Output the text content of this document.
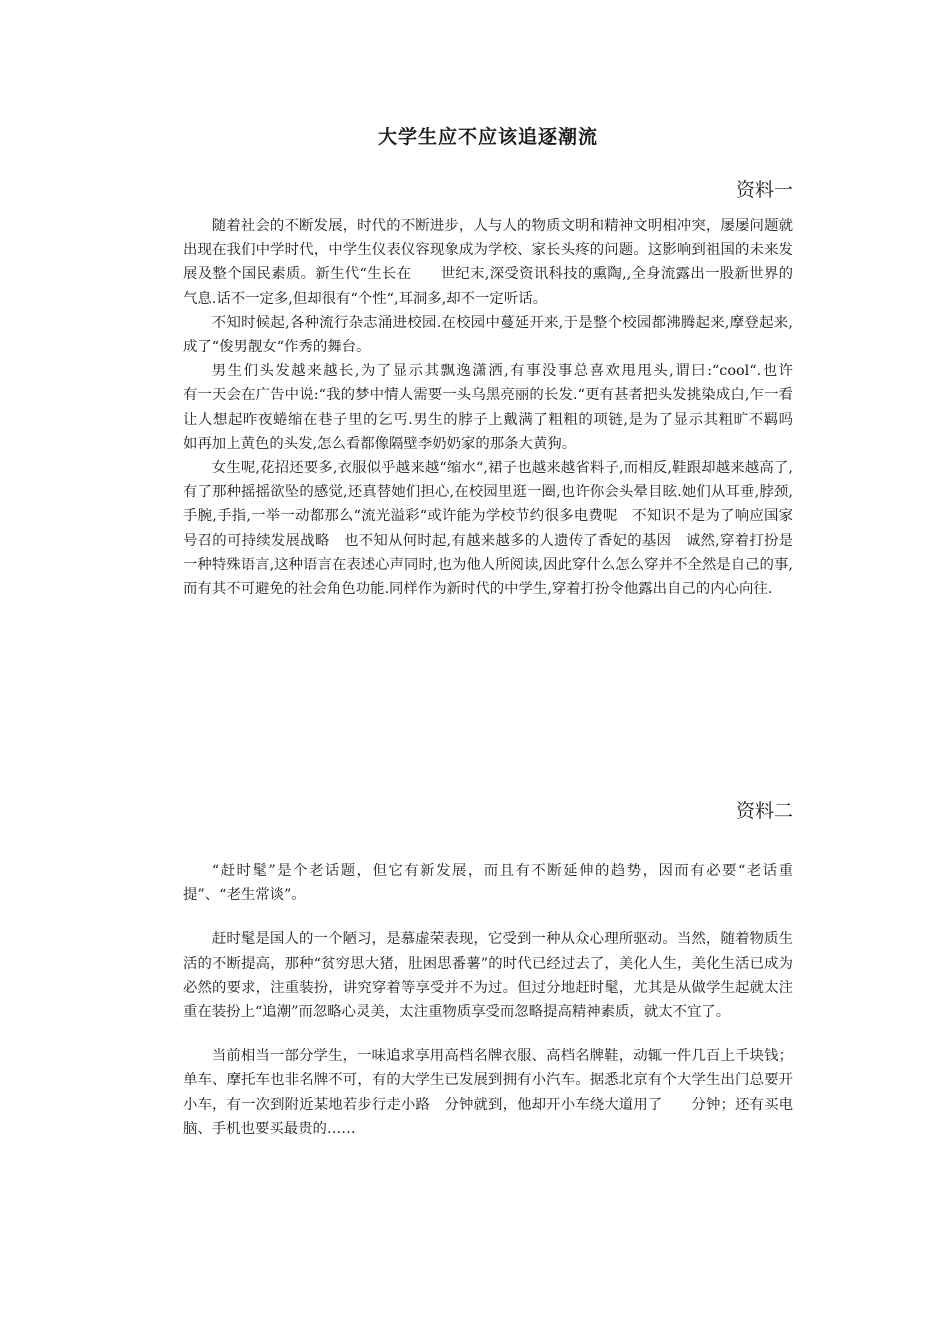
大学生应不应该追逐潮流
资料一

随着社会的不断发展，时代的不断进步，人与人的物质文明和精神文明相冲突，屡屡问题就出现在我们中学时代，中学生仪表仪容现象成为学校、家长头疼的问题。这影响到祖国的未来发展及整个国民素质。新生代“生长在　　世纪末,深受资讯科技的熏陶,,全身流露出一股新世界的气息.话不一定多,但却很有“个性“,耳洞多,却不一定听话。

不知时候起,各种流行杂志涌进校园.在校园中蔓延开来,于是整个校园都沸腾起来,摩登起来,成了“俊男靓女“作秀的舞台。

男生们头发越来越长,为了显示其飘逸潇洒,有事没事总喜欢甩甩头,谓曰:“cool“.也许　　　有一天会在广告中说:“我的梦中情人需要一头乌黑亮丽的长发.“更有甚者把头发挑染成白,乍一看让人想起昨夜蜷缩在巷子里的乞丐.男生的脖子上戴满了粗粗的项链,是为了显示其粗旷不羁吗　如再加上黄色的头发,怎么看都像隔壁李奶奶家的那条大黄狗。

女生呢,花招还要多,衣服似乎越来越“缩水“,裙子也越来越省料子,而相反,鞋跟却越来越高了,有了那种摇摇欲坠的感觉,还真替她们担心,在校园里逛一圈,也许你会头晕目眩.她们从耳垂,脖颈,手腕,手指,一举一动都那么“流光溢彩“或许能为学校节约很多电费呢　不知识不是为了响应国家号召的可持续发展战略　也不知从何时起,有越来越多的人遗传了香妃的基因　诚然,穿着打扮是一种特殊语言,这种语言在表述心声同时,也为他人所阅读,因此穿什么怎么穿并不全然是自己的事,而有其不可避免的社会角色功能.同样作为新时代的中学生,穿着打扮令他露出自己的内心向往.

资料二

“赶时髦”是个老话题，但它有新发展，而且有不断延伸的趋势，因而有必要“老话重提”、“老生常谈”。

赶时髦是国人的一个陋习，是慕虚荣表现，它受到一种从众心理所驱动。当然，随着物质生活的不断提高，那种“贫穷思大猪，肚困思番薯”的时代已经过去了，美化人生，美化生活已成为必然的要求，注重装扮，讲究穿着等享受并不为过。但过分地赶时髦，尤其是从做学生起就太注重在装扮上“追潮”而忽略心灵美，太注重物质享受而忽略提高精神素质，就太不宜了。

当前相当一部分学生，一味追求享用高档名牌衣服、高档名牌鞋，动辄一件几百上千块钱；单车、摩托车也非名牌不可，有的大学生已发展到拥有小汽车。据悉北京有个大学生出门总要开小车，有一次到附近某地若步行走小路　分钟就到，他却开小车绕大道用了　　分钟；还有买电脑、手机也要买最贵的……
